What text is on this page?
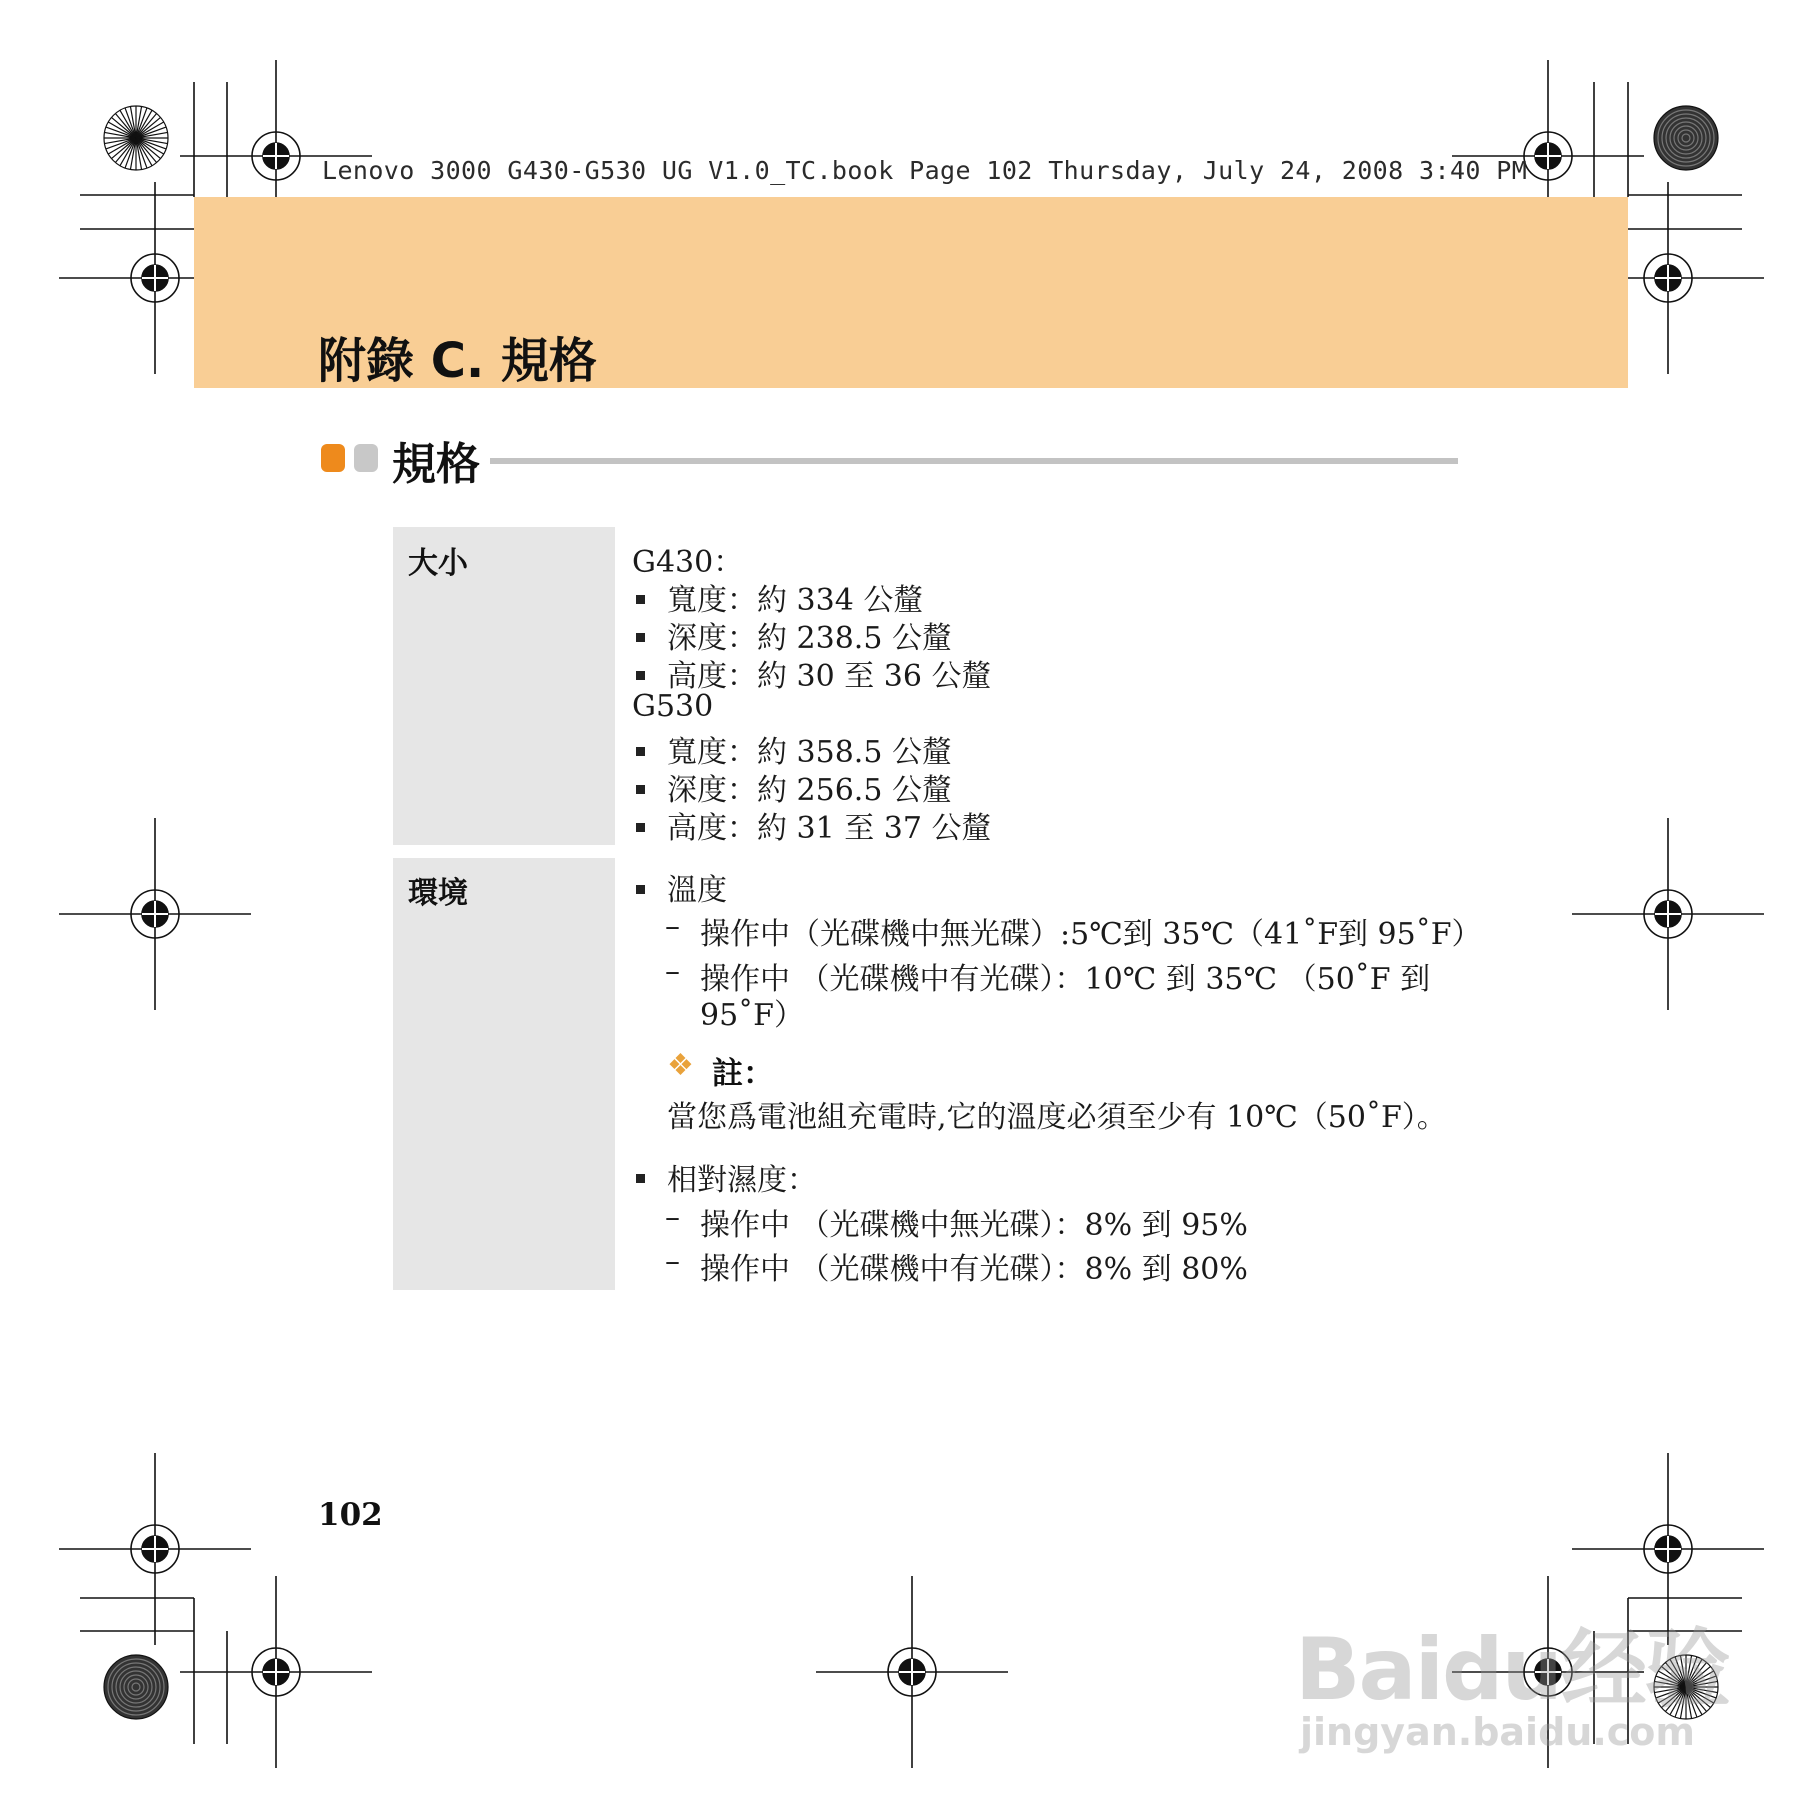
Lenovo 3000 G430-G530 UG V1.0_TC.book Page 102 Thursday, July 24, 2008 3:40 PM
附錄 C. 規格
規格
大小	G430：
寬度：約 334 公釐
深度：約 238.5 公釐
高度：約 30 至 36 公釐
G530
寬度：約 358.5 公釐
深度：約 256.5 公釐
高度：約 31 至 37 公釐
環境	溫度
– 操作中（光碟機中無光碟）:5℃到 35℃（41˚F到 95˚F）
– 操作中 （光碟機中有光碟）：10℃ 到 35℃ （50˚F 到
95˚F）
❖ 註：
當您爲電池組充電時,它的溫度必須至少有 10℃（50˚F）。
相對濕度：
– 操作中 （光碟機中無光碟）：8% 到 95%
– 操作中 （光碟機中有光碟）：8% 到 80%
102
Baidu经验
jingyan.baidu.com
